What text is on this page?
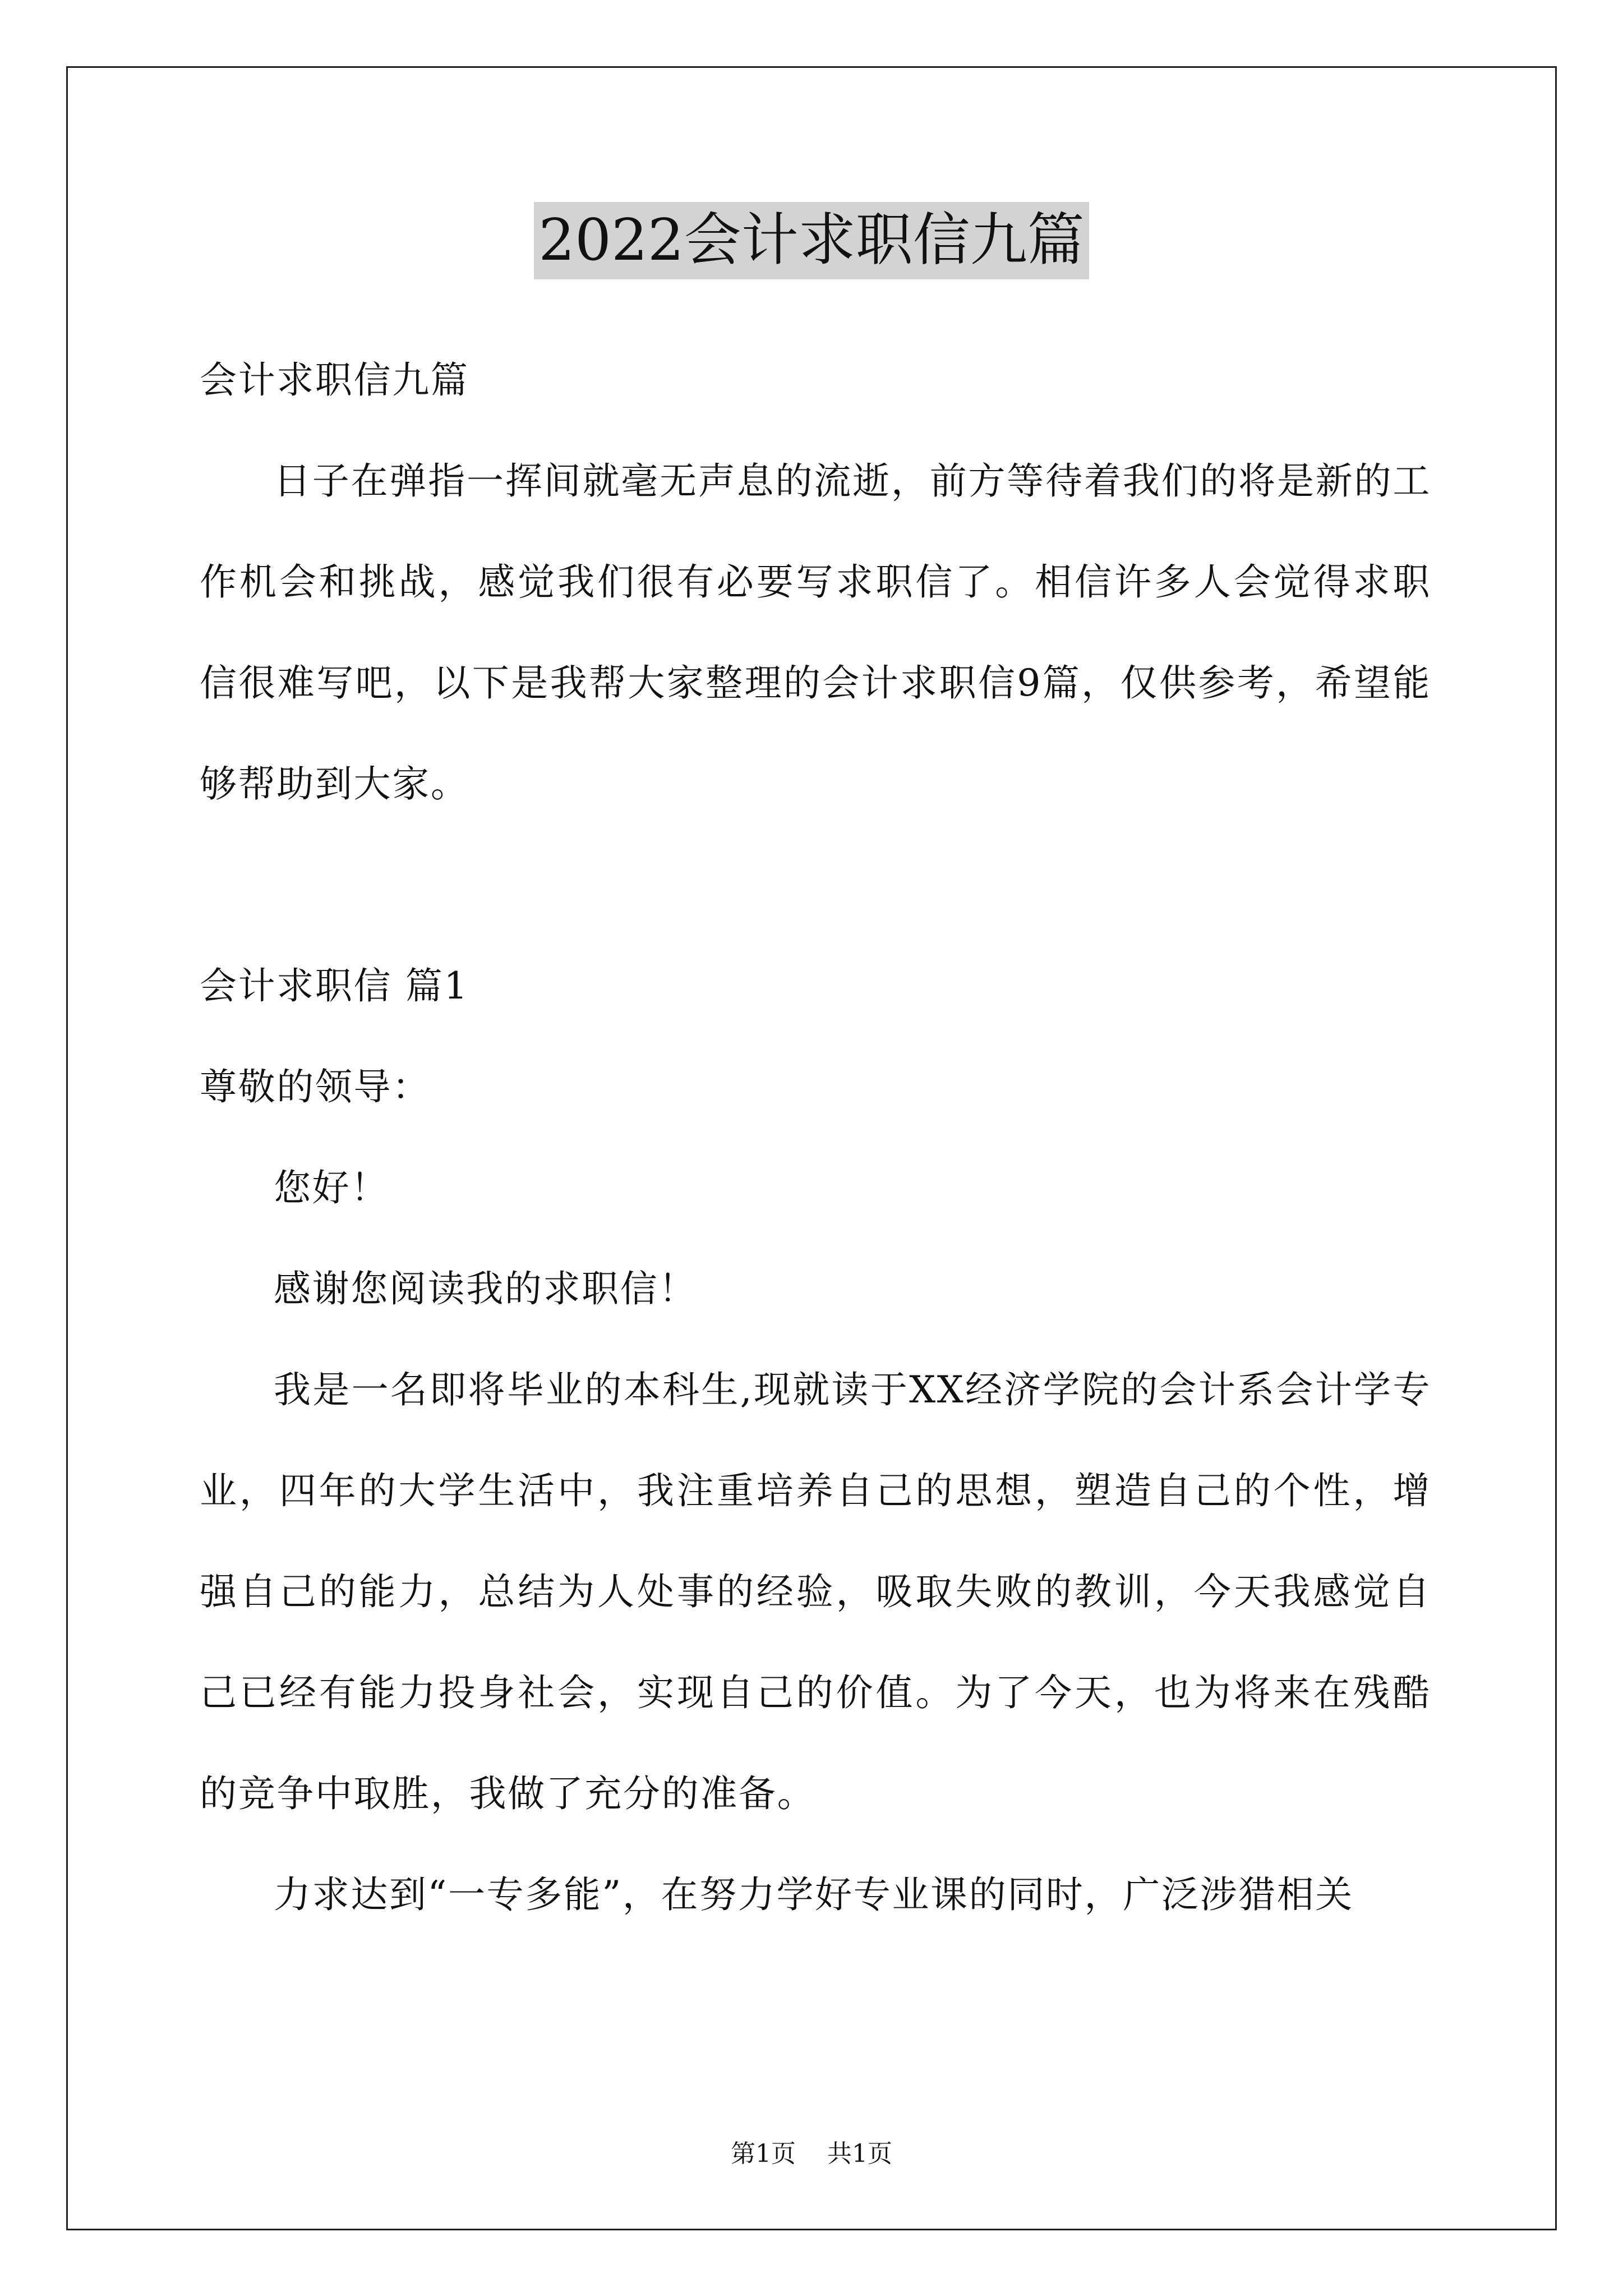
2022会计求职信九篇

会计求职信九篇

日子在弹指一挥间就毫无声息的流逝，前方等待着我们的将是新的工作机会和挑战，感觉我们很有必要写求职信了。相信许多人会觉得求职信很难写吧，以下是我帮大家整理的会计求职信9篇，仅供参考，希望能够帮助到大家。

会计求职信 篇1

尊敬的领导：

您好！

感谢您阅读我的求职信！

我是一名即将毕业的本科生,现就读于XX经济学院的会计系会计学专业，四年的大学生活中，我注重培养自己的思想，塑造自己的个性，增强自己的能力，总结为人处事的经验，吸取失败的教训，今天我感觉自己已经有能力投身社会，实现自己的价值。为了今天，也为将来在残酷的竞争中取胜，我做了充分的准备。

力求达到“一专多能”，在努力学好专业课的同时，广泛涉猎相关

第1页 共1页
